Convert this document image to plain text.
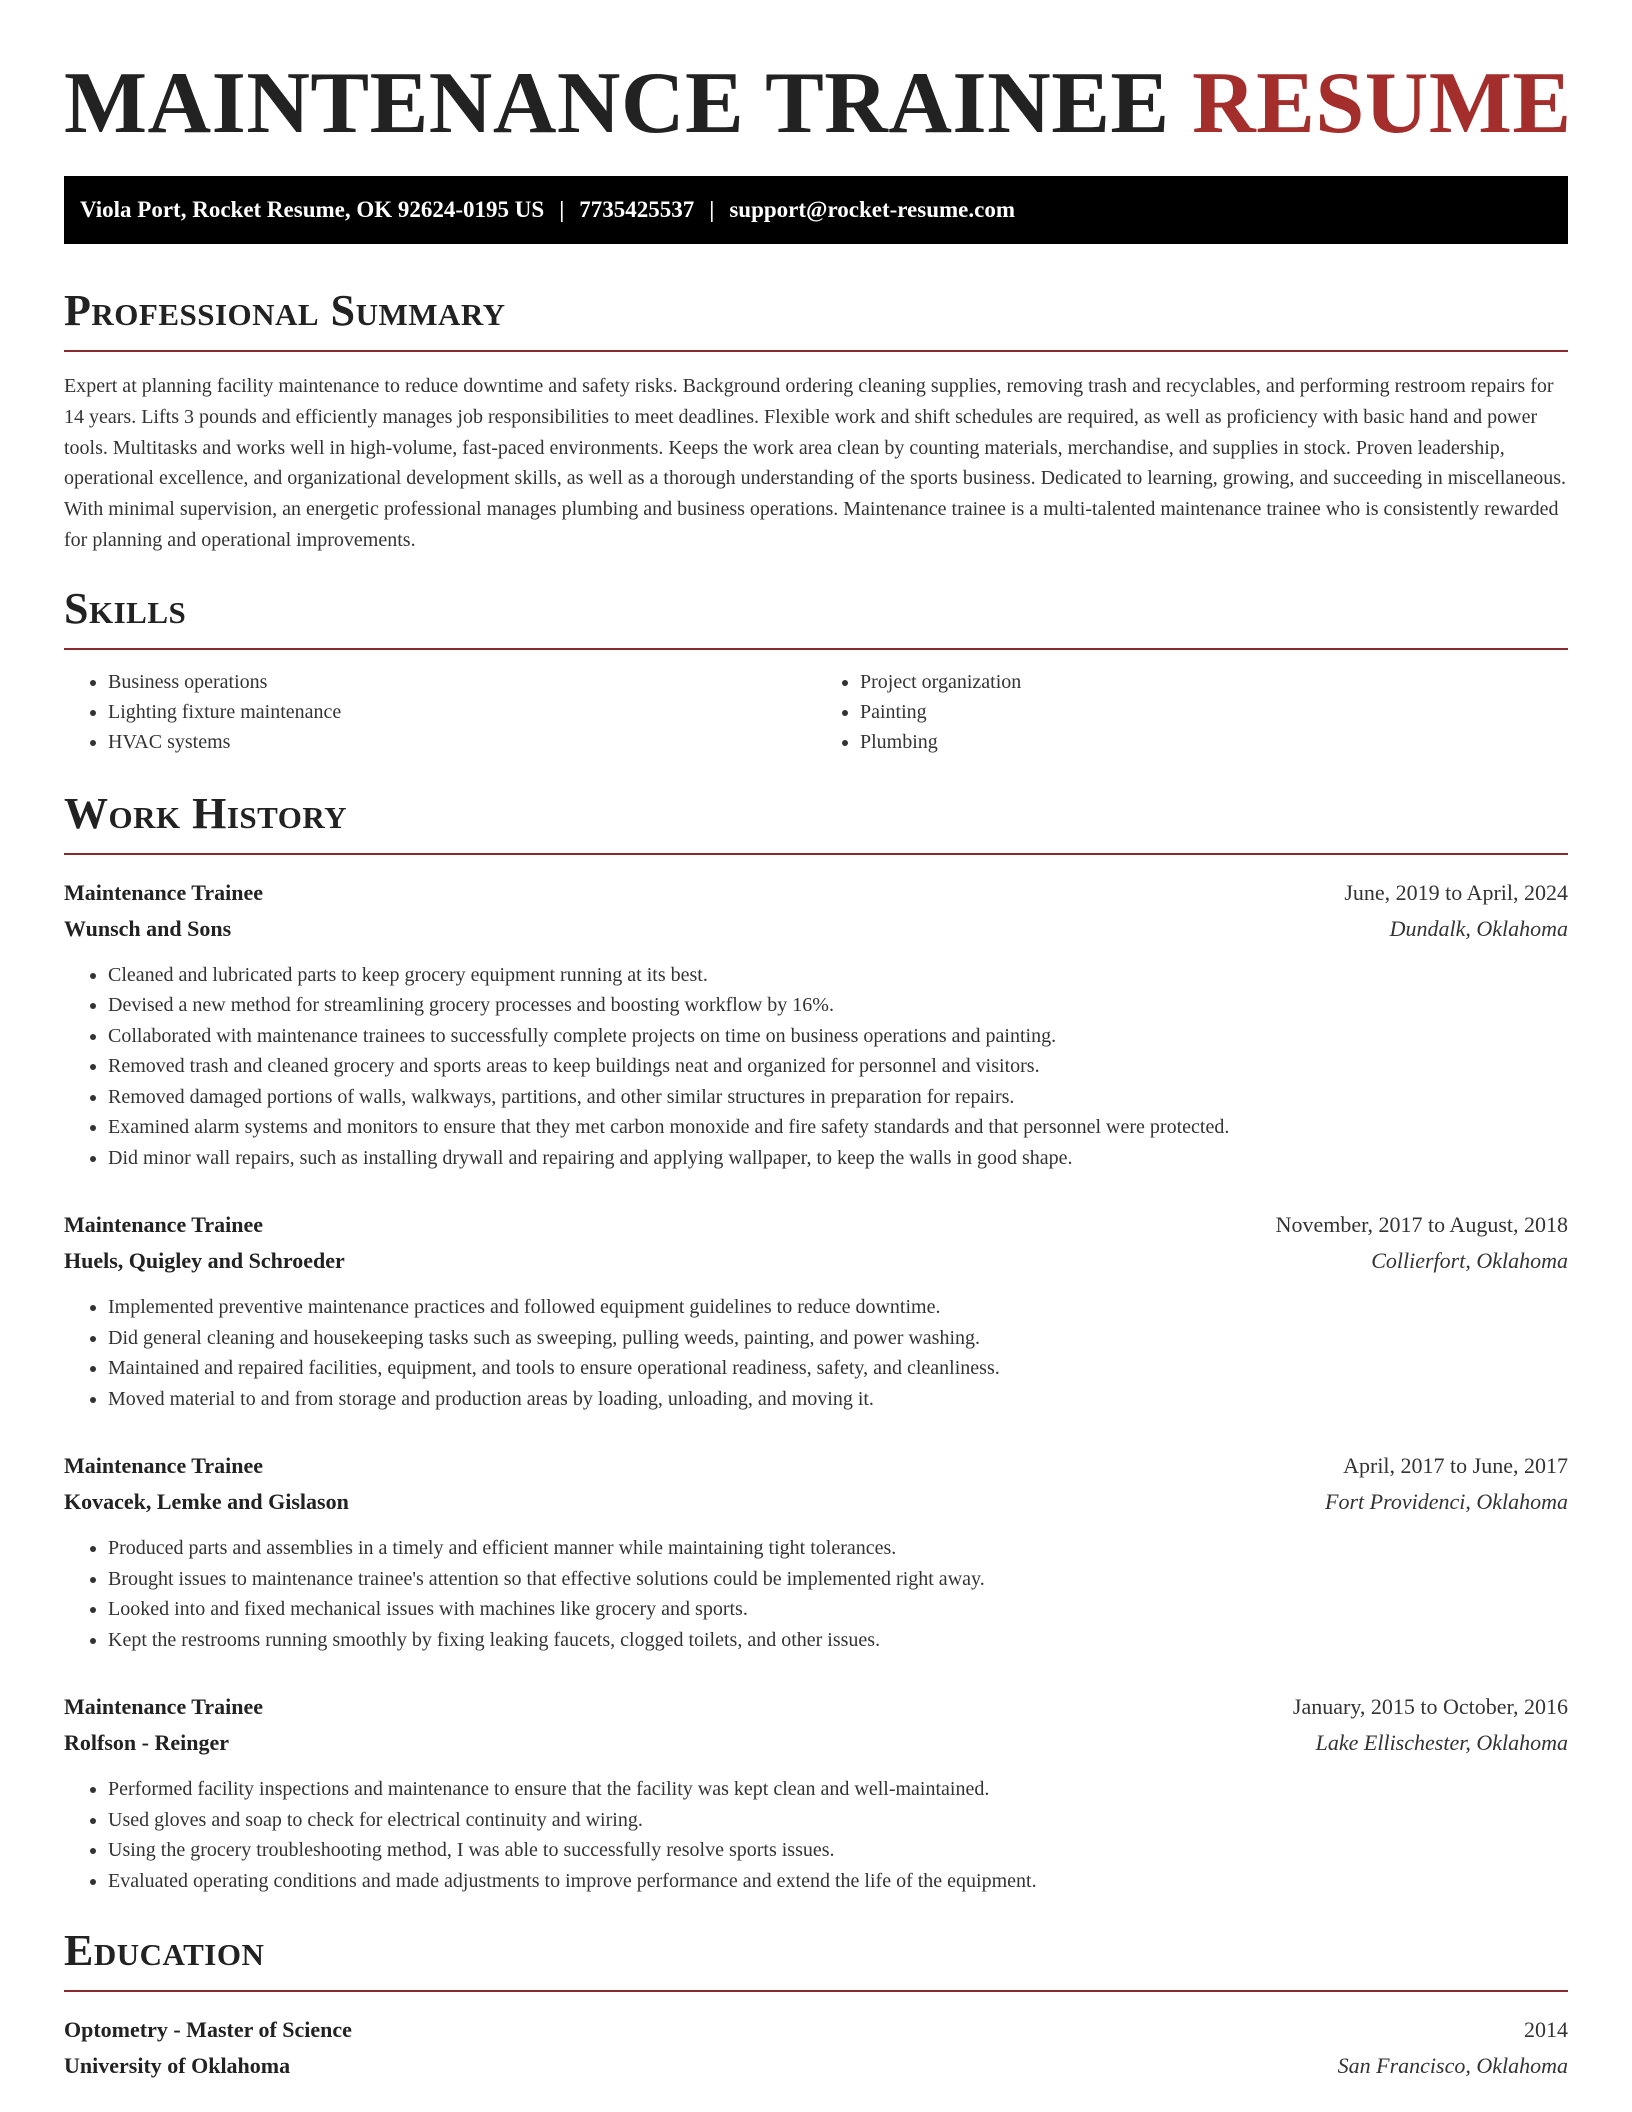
MAINTENANCE TRAINEE RESUME
Viola Port, Rocket Resume, OK 92624-0195 US | 7735425537 | support@rocket-resume.com
Professional Summary

Expert at planning facility maintenance to reduce downtime and safety risks. Background ordering cleaning supplies, removing trash and recyclables, and performing restroom repairs for 14 years. Lifts 3 pounds and efficiently manages job responsibilities to meet deadlines. Flexible work and shift schedules are required, as well as proficiency with basic hand and power tools. Multitasks and works well in high-volume, fast-paced environments. Keeps the work area clean by counting materials, merchandise, and supplies in stock. Proven leadership, operational excellence, and organizational development skills, as well as a thorough understanding of the sports business. Dedicated to learning, growing, and succeeding in miscellaneous. With minimal supervision, an energetic professional manages plumbing and business operations. Maintenance trainee is a multi-talented maintenance trainee who is consistently rewarded for planning and operational improvements.

Skills
• Business operations
• Lighting fixture maintenance
• HVAC systems
• Project organization
• Painting
• Plumbing
Work History
Maintenance Trainee	June, 2019 to April, 2024
Wunsch and Sons	Dundalk, Oklahoma
• Cleaned and lubricated parts to keep grocery equipment running at its best.
• Devised a new method for streamlining grocery processes and boosting workflow by 16%.
• Collaborated with maintenance trainees to successfully complete projects on time on business operations and painting.
• Removed trash and cleaned grocery and sports areas to keep buildings neat and organized for personnel and visitors.
• Removed damaged portions of walls, walkways, partitions, and other similar structures in preparation for repairs.
• Examined alarm systems and monitors to ensure that they met carbon monoxide and fire safety standards and that personnel were protected.
• Did minor wall repairs, such as installing drywall and repairing and applying wallpaper, to keep the walls in good shape.
Maintenance Trainee	November, 2017 to August, 2018
Huels, Quigley and Schroeder	Collierfort, Oklahoma
• Implemented preventive maintenance practices and followed equipment guidelines to reduce downtime.
• Did general cleaning and housekeeping tasks such as sweeping, pulling weeds, painting, and power washing.
• Maintained and repaired facilities, equipment, and tools to ensure operational readiness, safety, and cleanliness.
• Moved material to and from storage and production areas by loading, unloading, and moving it.
Maintenance Trainee	April, 2017 to June, 2017
Kovacek, Lemke and Gislason	Fort Providenci, Oklahoma
• Produced parts and assemblies in a timely and efficient manner while maintaining tight tolerances.
• Brought issues to maintenance trainee's attention so that effective solutions could be implemented right away.
• Looked into and fixed mechanical issues with machines like grocery and sports.
• Kept the restrooms running smoothly by fixing leaking faucets, clogged toilets, and other issues.
Maintenance Trainee	January, 2015 to October, 2016
Rolfson - Reinger	Lake Ellischester, Oklahoma
• Performed facility inspections and maintenance to ensure that the facility was kept clean and well-maintained.
• Used gloves and soap to check for electrical continuity and wiring.
• Using the grocery troubleshooting method, I was able to successfully resolve sports issues.
• Evaluated operating conditions and made adjustments to improve performance and extend the life of the equipment.
Education
Optometry - Master of Science	2014
University of Oklahoma	San Francisco, Oklahoma
